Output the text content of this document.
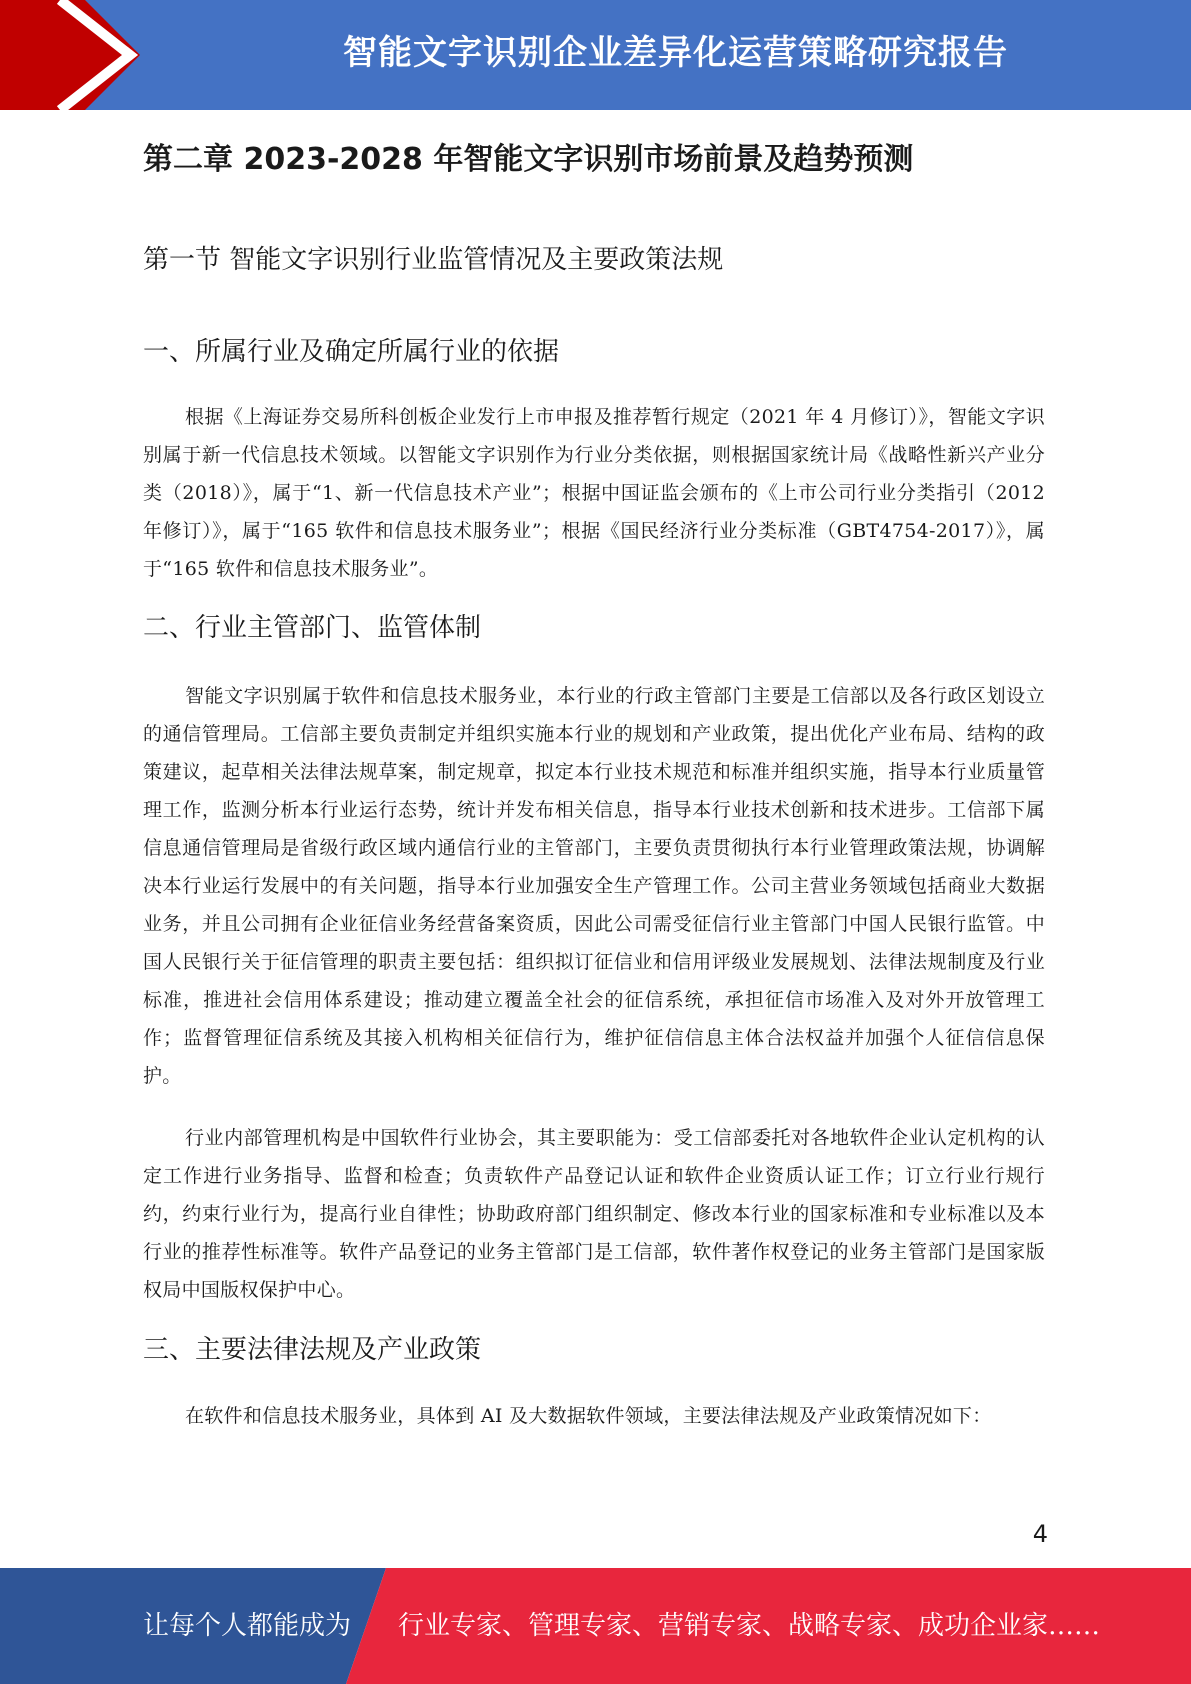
智能文字识别企业差异化运营策略研究报告
第二章 2023-2028 年智能文字识别市场前景及趋势预测
第一节 智能文字识别行业监管情况及主要政策法规
一、所属行业及确定所属行业的依据

根据《上海证券交易所科创板企业发行上市申报及推荐暂行规定（2021 年 4 月修订）》，智能文字识别属于新一代信息技术领域。以智能文字识别作为行业分类依据，则根据国家统计局《战略性新兴产业分类（2018）》，属于“1、新一代信息技术产业”；根据中国证监会颁布的《上市公司行业分类指引（2012 年修订）》，属于“165 软件和信息技术服务业”；根据《国民经济行业分类标准（GBT4754-2017）》，属于“165 软件和信息技术服务业”。

二、行业主管部门、监管体制

智能文字识别属于软件和信息技术服务业，本行业的行政主管部门主要是工信部以及各行政区划设立的通信管理局。工信部主要负责制定并组织实施本行业的规划和产业政策，提出优化产业布局、结构的政策建议，起草相关法律法规草案，制定规章，拟定本行业技术规范和标准并组织实施，指导本行业质量管理工作，监测分析本行业运行态势，统计并发布相关信息，指导本行业技术创新和技术进步。工信部下属信息通信管理局是省级行政区域内通信行业的主管部门，主要负责贯彻执行本行业管理政策法规，协调解决本行业运行发展中的有关问题，指导本行业加强安全生产管理工作。公司主营业务领域包括商业大数据业务，并且公司拥有企业征信业务经营备案资质，因此公司需受征信行业主管部门中国人民银行监管。中国人民银行关于征信管理的职责主要包括：组织拟订征信业和信用评级业发展规划、法律法规制度及行业标准，推进社会信用体系建设；推动建立覆盖全社会的征信系统，承担征信市场准入及对外开放管理工作；监督管理征信系统及其接入机构相关征信行为，维护征信信息主体合法权益并加强个人征信信息保护。

行业内部管理机构是中国软件行业协会，其主要职能为：受工信部委托对各地软件企业认定机构的认定工作进行业务指导、监督和检查；负责软件产品登记认证和软件企业资质认证工作；订立行业行规行约，约束行业行为，提高行业自律性；协助政府部门组织制定、修改本行业的国家标准和专业标准以及本行业的推荐性标准等。软件产品登记的业务主管部门是工信部，软件著作权登记的业务主管部门是国家版权局中国版权保护中心。

三、主要法律法规及产业政策

在软件和信息技术服务业，具体到 AI 及大数据软件领域，主要法律法规及产业政策情况如下：

4
让每个人都能成为 行业专家、管理专家、营销专家、战略专家、成功企业家……
